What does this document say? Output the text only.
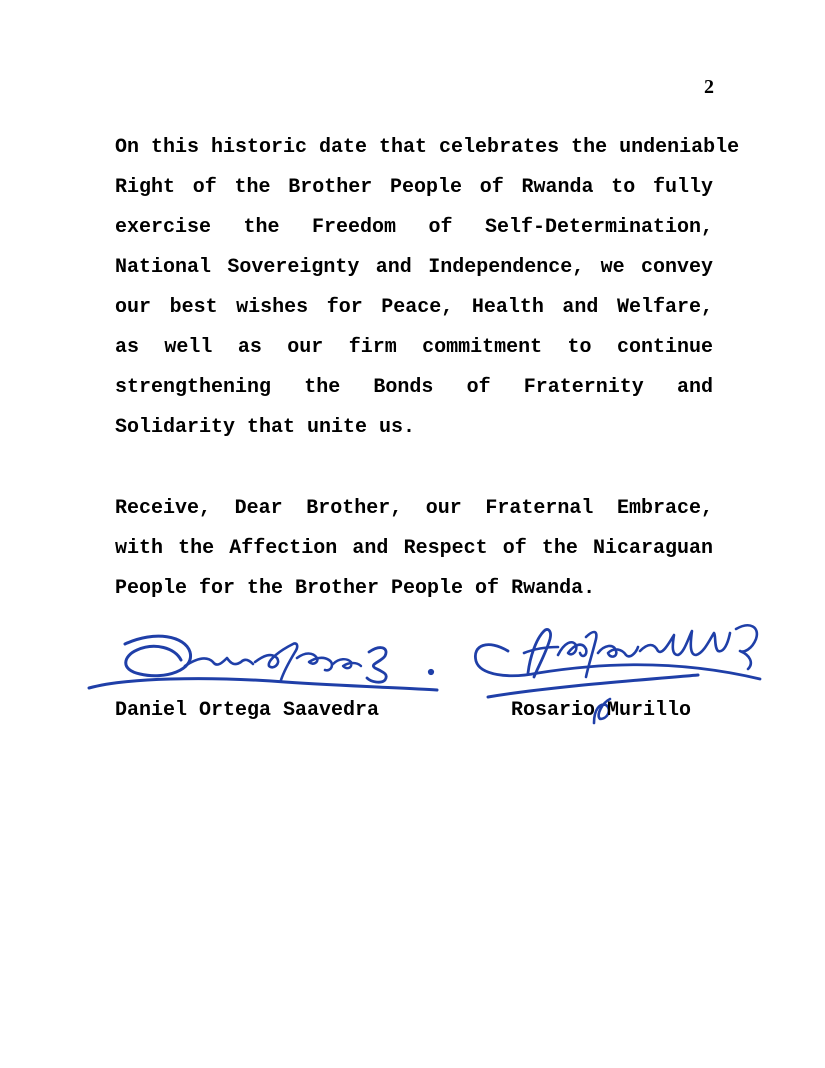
2
On this historic date that celebrates the undeniable
Right of the Brother People of Rwanda to fully
exercise the Freedom of Self-Determination,
National Sovereignty and Independence, we convey
our best wishes for Peace, Health and Welfare,
as well as our firm commitment to continue
strengthening the Bonds of Fraternity and
Solidarity that unite us.
Receive, Dear Brother, our Fraternal Embrace,
with the Affection and Respect of the Nicaraguan
People for the Brother People of Rwanda.
Daniel Ortega Saavedra	Rosario Murillo
